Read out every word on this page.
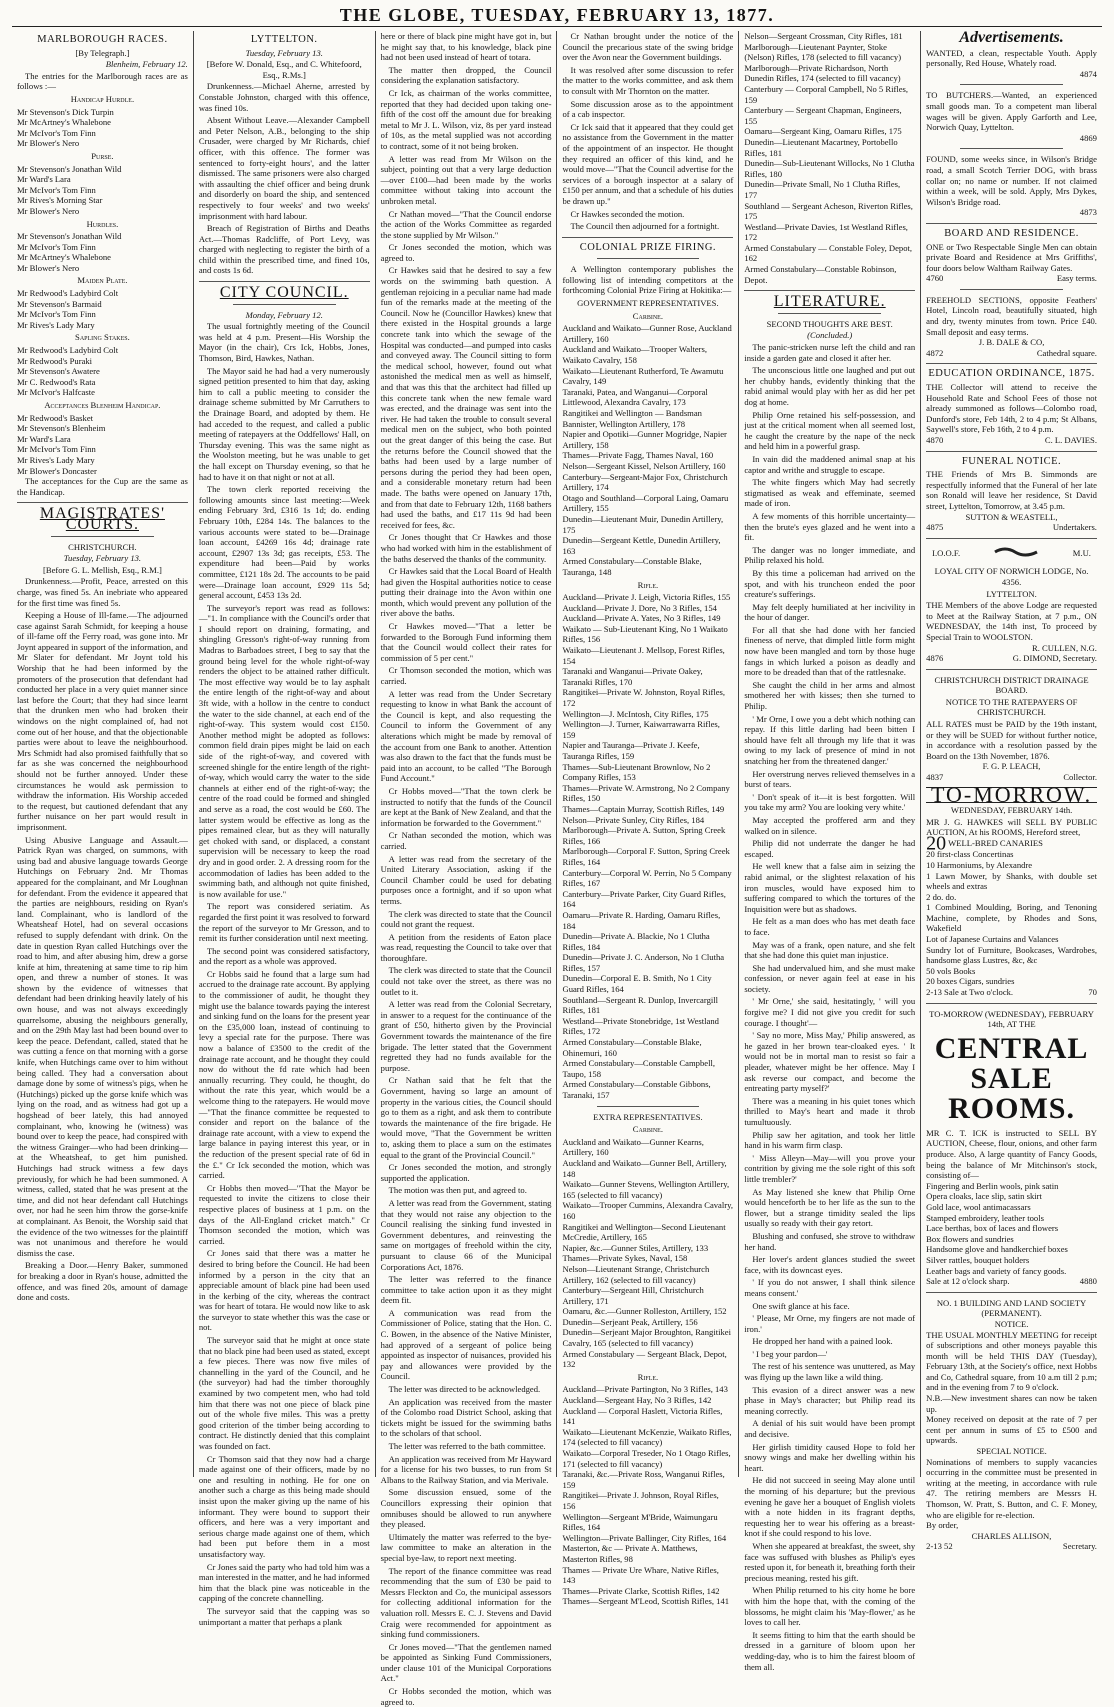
THE GLOBE, TUESDAY, FEBRUARY 13, 1877.
MARLBOROUGH RACES.
[By Telegraph.]
Blenheim, February 12.

The entries for the Marlborough races are as follows :—

Handicap Hurdle.
Mr Stevenson's Dick Turpin
Mr McArtney's Whalebone
Mr McIvor's Tom Finn
Mr Blower's Nero
Purse.
Mr Stevenson's Jonathan Wild
Mr Ward's Lara
Mr McIvor's Tom Finn
Mr Rives's Morning Star
Mr Blower's Nero
Hurdles.
Mr Stevenson's Jonathan Wild
Mr McIvor's Tom Finn
Mr McArtney's Whalebone
Mr Blower's Nero
Maiden Plate.
Mr Redwood's Ladybird Colt
Mr Stevenson's Barmaid
Mr McIvor's Tom Finn
Mr Rives's Lady Mary
Sapling Stakes.
Mr Redwood's Ladybird Colt
Mr Redwood's Puraki
Mr Stevenson's Awatere
Mr C. Redwood's Rata
Mr McIvor's Halfcaste
Acceptances Blenheim Handicap.
Mr Redwood's Basket
Mr Stevenson's Blenheim
Mr Ward's Lara
Mr McIvor's Tom Finn
Mr Rives's Lady Mary
Mr Blower's Doncaster

The acceptances for the Cup are the same as the Handicap.

MAGISTRATES' COURTS.
CHRISTCHURCH.
Tuesday, February 13.
[Before G. L. Mellish, Esq., R.M.]

Drunkenness.—Profit, Peace, arrested on this charge, was fined 5s. An inebriate who appeared for the first time was fined 5s.

Keeping a House of Ill-fame.—The adjourned case against Sarah Schmidt, for keeping a house of ill-fame off the Ferry road, was gone into. Mr Joynt appeared in support of the information, and Mr Slater for defendant. Mr Joynt told his Worship that he had been informed by the promoters of the prosecution that defendant had conducted her place in a very quiet manner since last before the Court; that they had since learnt that the drunken men who had broken their windows on the night complained of, had not come out of her house, and that the objectionable parties were about to leave the neighbourhood. Mrs Schmidt had also promised faithfully that so far as she was concerned the neighbourhood should not be further annoyed. Under these circumstances he would ask permission to withdraw the information. His Worship acceded to the request, but cautioned defendant that any further nuisance on her part would result in imprisonment.

Using Abusive Language and Assault.—Patrick Ryan was charged, on summons, with using bad and abusive language towards George Hutchings on February 2nd. Mr Thomas appeared for the complainant, and Mr Loughnan for defendant. From the evidence it appeared that the parties are neighbours, residing on Ryan's land. Complainant, who is landlord of the Wheatsheaf Hotel, had on several occasions refused to supply defendant with drink. On the date in question Ryan called Hutchings over the road to him, and after abusing him, drew a gorse knife at him, threatening at same time to rip him open, and threw a number of stones. It was shown by the evidence of witnesses that defendant had been drinking heavily lately of his own house, and was not always exceedingly quarrelsome, abusing the neighbours generally, and on the 29th May last had been bound over to keep the peace. Defendant, called, stated that he was cutting a fence on that morning with a gorse knife, when Hutchings came over to him without being called. They had a conversation about damage done by some of witness's pigs, when he (Hutchings) picked up the gorse knife which was lying on the road, and as witness had got up a hogshead of beer lately, this had annoyed complainant, who, knowing he (witness) was bound over to keep the peace, had conspired with the witness Grainger—who had been drinking—at the Wheatsheaf, to get him punished. Hutchings had struck witness a few days previously, for which he had been summoned. A witness, called, stated that he was present at the time, and did not hear defendant call Hutchings over, nor had he seen him throw the gorse-knife at complainant. As Benoit, the Worship said that the evidence of the two witnesses for the plaintiff was not unanimous and therefore he would dismiss the case.

Breaking a Door.—Henry Baker, summoned for breaking a door in Ryan's house, admitted the offence, and was fined 20s, amount of damage done and costs.

LYTTELTON.
Tuesday, February 13.
[Before W. Donald, Esq., and C. Whitefoord, Esq., R.Ms.]

Drunkenness.—Michael Aherne, arrested by Constable Johnston, charged with this offence, was fined 10s.

Absent Without Leave.—Alexander Campbell and Peter Nelson, A.B., belonging to the ship Crusader, were charged by Mr Richards, chief officer, with this offence. The former was sentenced to forty-eight hours', and the latter dismissed. The same prisoners were also charged with assaulting the chief officer and being drunk and disorderly on board the ship, and sentenced respectively to four weeks' and two weeks' imprisonment with hard labour.

Breach of Registration of Births and Deaths Act.—Thomas Radcliffe, of Port Levy, was charged with neglecting to register the birth of a child within the prescribed time, and fined 10s, and costs 1s 6d.

CITY COUNCIL.
Monday, February 12.

The usual fortnightly meeting of the Council was held at 4 p.m. Present—His Worship the Mayor (in the chair), Crs Ick, Hobbs, Jones, Thomson, Bird, Hawkes, Nathan.

The Mayor said he had had a very numerously signed petition presented to him that day, asking him to call a public meeting to consider the drainage scheme submitted by Mr Carruthers to the Drainage Board, and adopted by them. He had acceded to the request, and called a public meeting of ratepayers at the Oddfellows' Hall, on Thursday evening. This was the same night as the Woolston meeting, but he was unable to get the hall except on Thursday evening, so that he had to have it on that night or not at all.

The town clerk reported receiving the following amounts since last meeting:—Week ending February 3rd, £316 1s 1d; do. ending February 10th, £284 14s. The balances to the various accounts were stated to be—Drainage loan account, £4269 16s 4d; drainage rate account, £2907 13s 3d; gas receipts, £53. The expenditure had been—Paid by works committee, £121 18s 2d. The accounts to be paid were—Drainage loan account, £929 11s 5d; general account, £453 13s 2d.

The surveyor's report was read as follows:—"1. In compliance with the Council's order that I should report on draining, formating, and shingling Gresson's right-of-way running from Madras to Barbadoes street, I beg to say that the ground being level for the whole right-of-way renders the object to be attained rather difficult. The most effective way would be to lay asphalt the entire length of the right-of-way and about 3ft wide, with a hollow in the centre to conduct the water to the side channel, at each end of the right-of-way. This system would cost £150. Another method might be adopted as follows: common field drain pipes might be laid on each side of the right-of-way, and covered with screened shingle for the entire length of the right-of-way, which would carry the water to the side channels at either end of the right-of-way; the centre of the road could be formed and shingled and serve as a road, the cost would be £60. The latter system would be effective as long as the pipes remained clear, but as they will naturally get choked with sand, or displaced, a constant supervision will be necessary to keep the road dry and in good order. 2. A dressing room for the accommodation of ladies has been added to the swimming bath, and although not quite finished, is now available for use."

The report was considered seriatim. As regarded the first point it was resolved to forward the report of the surveyor to Mr Gresson, and to remit its further consideration until next meeting.

The second point was considered satisfactory, and the report as a whole was approved.

Cr Hobbs said he found that a large sum had accrued to the drainage rate account. By applying to the commissioner of audit, he thought they might use the balance towards paying the interest and sinking fund on the loans for the present year on the £35,000 loan, instead of continuing to levy a special rate for the purpose. There was now a balance of £3500 to the credit of the drainage rate account, and he thought they could now do without the fd rate which had been annually recurring. They could, he thought, do without the rate this year, which would be a welcome thing to the ratepayers. He would move—"That the finance committee be requested to consider and report on the balance of the drainage rate account, with a view to expend the large balance in paying interest this year, or in the reduction of the present special rate of 6d in the £." Cr Ick seconded the motion, which was carried.

Cr Hobbs then moved—"That the Mayor be requested to invite the citizens to close their respective places of business at 1 p.m. on the days of the All-England cricket match." Cr Thomson seconded the motion, which was carried.

Cr Jones said that there was a matter he desired to bring before the Council. He had been informed by a person in the city that an appreciable amount of black pine had been used in the kerbing of the city, whereas the contract was for heart of totara. He would now like to ask the surveyor to state whether this was the case or not.

The surveyor said that he might at once state that no black pine had been used as stated, except a few pieces. There was now five miles of channelling in the yard of the Council, and he (the surveyor) had had the timber thoroughly examined by two competent men, who had told him that there was not one piece of black pine out of the whole five miles. This was a pretty good criterion of the timber being according to contract. He distinctly denied that this complaint was founded on fact.

Cr Thomson said that they now had a charge made against one of their officers, made by no one and resulting in nothing. He for one on another such a charge as this being made should insist upon the maker giving up the name of his informant. They were bound to support their officers, and here was a very important and serious charge made against one of them, which had been put before them in a most unsatisfactory way.

Cr Jones said the party who had told him was a man interested in the matter, and he had informed him that the black pine was noticeable in the capping of the concrete channelling.

The surveyor said that the capping was so unimportant a matter that perhaps a plank

here or there of black pine might have got in, but he might say that, to his knowledge, black pine had not been used instead of heart of totara.

The matter then dropped, the Council considering the explanation satisfactory.

Cr Ick, as chairman of the works committee, reported that they had decided upon taking one-fifth of the cost off the amount due for breaking metal to Mr J. L. Wilson, viz, 8s per yard instead of 10s, as the metal supplied was not according to contract, some of it not being broken.

A letter was read from Mr Wilson on the subject, pointing out that a very large deduction—over £100—had been made by the works committee without taking into account the unbroken metal.

Cr Nathan moved—"That the Council endorse the action of the Works Committee as regarded the stone supplied by Mr Wilson."

Cr Jones seconded the motion, which was agreed to.

Cr Hawkes said that he desired to say a few words on the swimming bath question. A gentleman rejoicing in a peculiar name had made fun of the remarks made at the meeting of the Council. Now he (Councillor Hawkes) knew that there existed in the Hospital grounds a large concrete tank into which the sewage of the Hospital was conducted—and pumped into casks and conveyed away. The Council sitting to form the medical school, however, found out what astonished the medical men as well as himself, and that was this that the architect had filled up this concrete tank when the new female ward was erected, and the drainage was sent into the river. He had taken the trouble to consult several medical men on the subject, who both pointed out the great danger of this being the case. But the returns before the Council showed that the baths had been used by a large number of persons during the period they had been open, and a considerable monetary return had been made. The baths were opened on January 17th, and from that date to February 12th, 1168 bathers had used the baths, and £17 11s 9d had been received for fees, &c.

Cr Jones thought that Cr Hawkes and those who had worked with him in the establishment of the baths deserved the thanks of the community.

Cr Hawkes said that the Local Board of Health had given the Hospital authorities notice to cease putting their drainage into the Avon within one month, which would prevent any pollution of the river above the baths.

Cr Hawkes moved—"That a letter be forwarded to the Borough Fund informing them that the Council would collect their rates for commission of 5 per cent."

Cr Thomson seconded the motion, which was carried.

A letter was read from the Under Secretary requesting to know in what Bank the account of the Council is kept, and also requesting the Council to inform the Government of any alterations which might be made by removal of the account from one Bank to another. Attention was also drawn to the fact that the funds must be paid into an account, to be called "The Borough Fund Account."

Cr Hobbs moved—"That the town clerk be instructed to notify that the funds of the Council are kept at the Bank of New Zealand, and that the information be forwarded to the Government."

Cr Nathan seconded the motion, which was carried.

A letter was read from the secretary of the United Literary Association, asking if the Council Chamber could be used for debating purposes once a fortnight, and if so upon what terms.

The clerk was directed to state that the Council could not grant the request.

A petition from the residents of Eaton place was read, requesting the Council to take over that thoroughfare.

The clerk was directed to state that the Council could not take over the street, as there was no outlet to it.

A letter was read from the Colonial Secretary, in answer to a request for the continuance of the grant of £50, hitherto given by the Provincial Government towards the maintenance of the fire brigade. The letter stated that the Government regretted they had no funds available for the purpose.

Cr Nathan said that he felt that the Government, having so large an amount of property in the various cities, the Council should go to them as a right, and ask them to contribute towards the maintenance of the fire brigade. He would move, "That the Government be written to, asking them to place a sum on the estimates equal to the grant of the Provincial Council."

Cr Jones seconded the motion, and strongly supported the application.

The motion was then put, and agreed to.

A letter was read from the Government, stating that they would not raise any objection to the Council realising the sinking fund invested in Government debentures, and reinvesting the same on mortgages of freehold within the city, pursuant to clause 66 of the Municipal Corporations Act, 1876.

The letter was referred to the finance committee to take action upon it as they might deem fit.

A communication was read from the Commissioner of Police, stating that the Hon. C. C. Bowen, in the absence of the Native Minister, had approved of a sergeant of police being appointed as inspector of nuisances, provided his pay and allowances were provided by the Council.

The letter was directed to be acknowledged.

An application was received from the master of the Colombo road District School, asking that tickets might be issued for the swimming baths to the scholars of that school.

The letter was referred to the bath committee.

An application was received from Mr Hayward for a license for his two busses, to run from St Albans to the Railway Station, and via Merivale.

Some discussion ensued, some of the Councillors expressing their opinion that omnibuses should be allowed to run anywhere they pleased.

Ultimately the matter was referred to the bye-law committee to make an alteration in the special bye-law, to report next meeting.

The report of the finance committee was read recommending that the sum of £30 be paid to Messrs Fleckton and Co, the municipal assessors for collecting additional information for the valuation roll. Messrs E. C. J. Stevens and David Craig were recommended for appointment as sinking fund commissioners.

Cr Jones moved—"That the gentlemen named be appointed as Sinking Fund Commissioners, under clause 101 of the Municipal Corporations Act."

Cr Hobbs seconded the motion, which was agreed to.

Cr Nathan brought under the notice of the Council the precarious state of the swing bridge over the Avon near the Government buildings.

It was resolved after some discussion to refer the matter to the works committee, and ask them to consult with Mr Thornton on the matter.

Some discussion arose as to the appointment of a cab inspector.

Cr Ick said that it appeared that they could get no assistance from the Government in the matter of the appointment of an inspector. He thought they required an officer of this kind, and he would move—"That the Council advertise for the services of a borough inspector at a salary of £150 per annum, and that a schedule of his duties be drawn up."

Cr Hawkes seconded the motion.

The Council then adjourned for a fortnight.

COLONIAL PRIZE FIRING.

A Wellington contemporary publishes the following list of intending competitors at the forthcoming Colonial Prize Firing at Hokitika:—

GOVERNMENT REPRESENTATIVES.
Carbine.
Auckland and Waikato—Gunner Rose, Auckland Artillery, 160
Auckland and Waikato—Trooper Walters, Waikato Cavalry, 158
Waikato—Lieutenant Rutherford, Te Awamutu Cavalry, 149
Taranaki, Patea, and Wanganui—Corporal Littlewood, Alexandra Cavalry, 173
Rangitikei and Wellington — Bandsman Bannister, Wellington Artillery, 178
Napier and Opotiki—Gunner Mogridge, Napier Artillery, 158
Thames—Private Fagg, Thames Naval, 160
Nelson—Sergeant Kissel, Nelson Artillery, 160
Canterbury—Sergeant-Major Fox, Christchurch Artillery, 174
Otago and Southland—Corporal Laing, Oamaru Artillery, 155
Dunedin—Lieutenant Muir, Dunedin Artillery, 175
Dunedin—Sergeant Kettle, Dunedin Artillery, 163
Armed Constabulary—Constable Blake, Tauranga, 148
Rifle.
Auckland—Private J. Leigh, Victoria Rifles, 155
Auckland—Private J. Dore, No 3 Rifles, 154
Auckland—Private A. Yates, No 3 Rifles, 149
Waikato — Sub-Lieutenant King, No 1 Waikato Rifles, 156
Waikato—Lieutenant J. Mellsop, Forest Rifles, 154
Taranaki and Wanganui—Private Oakey, Taranaki Rifles, 170
Rangitikei—Private W. Johnston, Royal Rifles, 172
Wellington—J. McIntosh, City Rifles, 175
Wellington—J. Turner, Kaiwarrawarra Rifles, 159
Napier and Tauranga—Private J. Keefe, Tauranga Rifles, 159
Thames—Sub-Lieutenant Brownlow, No 2 Company Rifles, 153
Thames—Private W. Armstrong, No 2 Company Rifles, 150
Thames—Captain Murray, Scottish Rifles, 149
Nelson—Private Sunley, City Rifles, 184
Marlborough—Private A. Sutton, Spring Creek Rifles, 166
Marlborough—Corporal F. Sutton, Spring Creek Rifles, 164
Canterbury—Corporal W. Perrin, No 5 Company Rifles, 167
Canterbury—Private Parker, City Guard Rifles, 164
Oamaru—Private R. Harding, Oamaru Rifles, 184
Dunedin—Private A. Blackie, No 1 Clutha Rifles, 184
Dunedin—Private J. C. Anderson, No 1 Clutha Rifles, 157
Dunedin—Corporal E. B. Smith, No 1 City Guard Rifles, 164
Southland—Sergeant R. Dunlop, Invercargill Rifles, 181
Westland—Private Stonebridge, 1st Westland Rifles, 172
Armed Constabulary—Constable Blake, Ohinemuri, 160
Armed Constabulary—Constable Campbell, Taupo, 158
Armed Constabulary—Constable Gibbons, Taranaki, 157
EXTRA REPRESENTATIVES.
Carbine.
Auckland and Waikato—Gunner Kearns, Artillery, 160
Auckland and Waikato—Gunner Bell, Artillery, 148
Waikato—Gunner Stevens, Wellington Artillery, 165 (selected to fill vacancy)
Waikato—Trooper Cummins, Alexandra Cavalry, 160
Rangitikei and Wellington—Second Lieutenant McCredie, Artillery, 165
Napier, &c.—Gunner Stiles, Artillery, 133
Thames—Private Sykes, Naval, 158
Nelson—Lieutenant Strange, Christchurch Artillery, 162 (selected to fill vacancy)
Canterbury—Sergeant Hill, Christchurch Artillery, 171
Oamaru, &c.—Gunner Rolleston, Artillery, 152
Dunedin—Serjeant Peak, Artillery, 156
Dunedin—Serjeant Major Broughton, Rangitikei Cavalry, 165 (selected to fill vacancy)
Armed Constabulary — Sergeant Black, Depot, 132
Rifle.
Auckland—Private Partington, No 3 Rifles, 143
Auckland—Sergeant Hay, No 3 Rifles, 142
Auckland — Corporal Haslett, Victoria Rifles, 141
Waikato—Lieutenant McKenzie, Waikato Rifles, 174 (selected to fill vacancy)
Waikato—Corporal Treseder, No 1 Otago Rifles, 171 (selected to fill vacancy)
Taranaki, &c.—Private Ross, Wanganui Rifles, 159
Rangitikei—Private J. Johnson, Royal Rifles, 156
Wellington—Sergeant M'Bride, Waimungaru Rifles, 164
Wellington—Private Ballinger, City Rifles, 164
Masterton, &c — Private A. Matthews, Masterton Rifles, 98
Thames — Private Ure Whare, Native Rifles, 143
Thames—Private Clarke, Scottish Rifles, 142
Thames—Sergeant M'Leod, Scottish Rifles, 141
Nelson—Sergeant Crossman, City Rifles, 181
Marlborough—Lieutenant Paynter, Stoke (Nelson) Rifles, 178 (selected to fill vacancy)
Marlborough—Private Richardson, North Dunedin Rifles, 174 (selected to fill vacancy)
Canterbury — Corporal Campbell, No 5 Rifles, 159
Canterbury — Sergeant Chapman, Engineers, 155
Oamaru—Sergeant King, Oamaru Rifles, 175
Dunedin—Lieutenant Macartney, Portobello Rifles, 181
Dunedin—Sub-Lieutenant Willocks, No 1 Clutha Rifles, 180
Dunedin—Private Small, No 1 Clutha Rifles, 177
Southland — Sergeant Acheson, Riverton Rifles, 175
Westland—Private Davies, 1st Westland Rifles, 172
Armed Constabulary — Constable Foley, Depot, 162
Armed Constabulary—Constable Robinson, Depot.
LITERATURE.
SECOND THOUGHTS ARE BEST.
(Concluded.)

The panic-stricken nurse left the child and ran inside a garden gate and closed it after her.

The unconscious little one laughed and put out her chubby hands, evidently thinking that the rabid animal would play with her as did her pet dog at home.

Philip Orne retained his self-possession, and just at the critical moment when all seemed lost, he caught the creature by the nape of the neck and held him in a powerful grasp.

In vain did the maddened animal snap at his captor and writhe and struggle to escape.

The white fingers which May had secretly stigmatised as weak and effeminate, seemed made of iron.

A few moments of this horrible uncertainty—then the brute's eyes glazed and he went into a fit.

The danger was no longer immediate, and Philip relaxed his hold.

By this time a policeman had arrived on the spot, and with his truncheon ended the poor creature's sufferings.

May felt deeply humiliated at her incivility in the hour of danger.

For all that she had done with her fancied fineness of nerve, that dimpled little form might now have been mangled and torn by those huge fangs in which lurked a poison as deadly and more to be dreaded than that of the rattlesnake.

She caught the child in her arms and almost smothered her with kisses; then she turned to Philip.

' Mr Orne, I owe you a debt which nothing can repay. If this little darling had been bitten I should have felt all through my life that it was owing to my lack of presence of mind in not snatching her from the threatened danger.'

Her overstrung nerves relieved themselves in a burst of tears.

' Don't speak of it—it is best forgotten. Will you take my arm? You are looking very white.'

May accepted the proffered arm and they walked on in silence.

Philip did not underrate the danger he had escaped.

He well knew that a false aim in seizing the rabid animal, or the slightest relaxation of his iron muscles, would have exposed him to suffering compared to which the tortures of the Inquisition were but as shadows.

He felt as a man does who has met death face to face.

May was of a frank, open nature, and she felt that she had done this quiet man injustice.

She had undervalued him, and she must make confession, or never again feel at ease in his society.

' Mr Orne,' she said, hesitatingly, ' will you forgive me? I did not give you credit for such courage. I thought'—

' Say no more, Miss May,' Philip answered, as he gazed in her brown tear-cloaked eyes. ' It would not be in mortal man to resist so fair a pleader, whatever might be her offence. May I ask reverse our compact, and become the entreating party myself?'

There was a meaning in his quiet tones which thrilled to May's heart and made it throb tumultuously.

Philip saw her agitation, and took her little hand in his warm firm clasp.

' Miss Alleyn—May—will you prove your contrition by giving me the sole right of this soft little trembler?'

As May listened she knew that Philip Orne would henceforth be to her life as the sun to the flower, but a strange timidity sealed the lips usually so ready with their gay retort.

Blushing and confused, she strove to withdraw her hand.

Her lover's ardent glances studied the sweet face, with its downcast eyes.

' If you do not answer, I shall think silence means consent.'

One swift glance at his face.

' Please, Mr Orne, my fingers are not made of iron.'

He dropped her hand with a pained look.

' I beg your pardon—'

The rest of his sentence was unuttered, as May was flying up the lawn like a wild thing.

This evasion of a direct answer was a new phase in May's character; but Philip read its meaning correctly.

A denial of his suit would have been prompt and decisive.

Her girlish timidity caused Hope to fold her snowy wings and make her dwelling within his heart.

He did not succeed in seeing May alone until the morning of his departure; but the previous evening he gave her a bouquet of English violets with a note hidden in its fragrant depths, requesting her to wear his offering as a breast-knot if she could respond to his love.

When she appeared at breakfast, the sweet, shy face was suffused with blushes as Philip's eyes rested upon it, for beneath it, breathing forth their precious meaning, rested his gift.

When Philip returned to his city home he bore with him the hope that, with the coming of the blossoms, he might claim his 'May-flower,' as he loves to call her.

It seems fitting to him that the earth should be dressed in a garniture of bloom upon her wedding-day, who is to him the fairest bloom of them all.

Advertisements.
WANTED, a clean, respectable Youth. Apply personally, Red House, Whately road.
4874
TO BUTCHERS.—Wanted, an experienced small goods man. To a competent man liberal wages will be given. Apply Garforth and Lee, Norwich Quay, Lyttelton.
4869
FOUND, some weeks since, in Wilson's Bridge road, a small Scotch Terrier DOG, with brass collar on; no name or number. If not claimed within a week, will be sold. Apply, Mrs Dykes, Wilson's Bridge road.
4873
BOARD AND RESIDENCE.
ONE or Two Respectable Single Men can obtain private Board and Residence at Mrs Griffiths', four doors below Waltham Railway Gates.
4760	Easy terms.
FREEHOLD SECTIONS, opposite Feathers' Hotel, Lincoln road, beautifully situated, high and dry, twenty minutes from town. Price £40. Small deposit and easy terms.
J. B. DALE & CO,
4872	Cathedral square.
EDUCATION ORDINANCE, 1875.
THE Collector will attend to receive the Household Rate and School Fees of those not already summoned as follows—Colombo road, Dunford's store, Feb 14th, 2 to 4 p.m; St Albans, Saywell's store, Feb 16th, 2 to 4 p.m.
4870	C. L. DAVIES.
FUNERAL NOTICE.
THE Friends of Mrs B. Simmonds are respectfully informed that the Funeral of her late son Ronald will leave her residence, St David street, Lyttelton, Tomorrow, at 3.45 p.m.
SUTTON & WEASTELL,
4875	Undertakers.
I.O.O.F.	M.U.
LOYAL CITY OF NORWICH LODGE, No. 4356.
LYTTELTON.
THE Members of the above Lodge are requested to Meet at the Railway Station, at 7 p.m., ON WEDNESDAY, the 14th inst, To proceed by Special Train to WOOLSTON.
R. CULLEN, N.G.
4876	G. DIMOND, Secretary.
CHRISTCHURCH DISTRICT DRAINAGE BOARD.
NOTICE TO THE RATEPAYERS OF CHRISTCHURCH.
ALL RATES must be PAID by the 19th instant, or they will be SUED for without further notice, in accordance with a resolution passed by the Board on the 13th November, 1876.
F. G. P. LEACH,
4837	Collector.
TO-MORROW.
WEDNESDAY, FEBRUARY 14th.
MR J. G. HAWKES will SELL BY PUBLIC AUCTION, At his ROOMS, Hereford street,
20 WELL-BRED CANARIES
20 first-class Concertinas
10 Harmoniums, by Alexandre
1 Lawn Mower, by Shanks, with double set wheels and extras
2 do. do.
1 Combined Moulding, Boring, and Tenoning Machine, complete, by Rhodes and Sons, Wakefield
Lot of Japanese Curtains and Valances
Sundry lot of Furniture, Bookcases, Wardrobes, handsome glass Lustres, &c, &c
50 vols Books
20 boxes Cigars, sundries
2-13 Sale at Two o'clock.	70
TO-MORROW (WEDNESDAY), FEBRUARY 14th, AT THE
CENTRAL
SALE ROOMS.
MR C. T. ICK is instructed to SELL BY AUCTION, Cheese, flour, onions, and other farm produce. Also, A large quantity of Fancy Goods, being the balance of Mr Mitchinson's stock, consisting of—
Fingering and Berlin wools, pink satin
Opera cloaks, lace slip, satin skirt
Gold lace, wool antimacassars
Stamped embroidery, leather tools
Lace berthas, box of laces and flowers
Box flowers and sundries
Handsome glove and handkerchief boxes
Silver rattles, bouquet holders
Leather bags and variety of fancy goods.
Sale at 12 o'clock sharp.	4880
NO. 1 BUILDING AND LAND SOCIETY (PERMANENT).
NOTICE.
THE USUAL MONTHLY MEETING for receipt of subscriptions and other moneys payable this month will be held THIS DAY (Tuesday), February 13th, at the Society's office, next Hobbs and Co, Cathedral square, from 10 a.m till 2 p.m; and in the evening from 7 to 9 o'clock.
N.B.—New investment shares can now be taken up.
Money received on deposit at the rate of 7 per cent per annum in sums of £5 to £500 and upwards.
SPECIAL NOTICE.
Nominations of members to supply vacancies occurring in the committee must be presented in writing at the meeting, in accordance with rule 47. The retiring members are Messrs H. Thomson, W. Pratt, S. Button, and C. F. Money, who are eligible for re-election.
By order,
CHARLES ALLISON,
2-13 52	Secretary.
